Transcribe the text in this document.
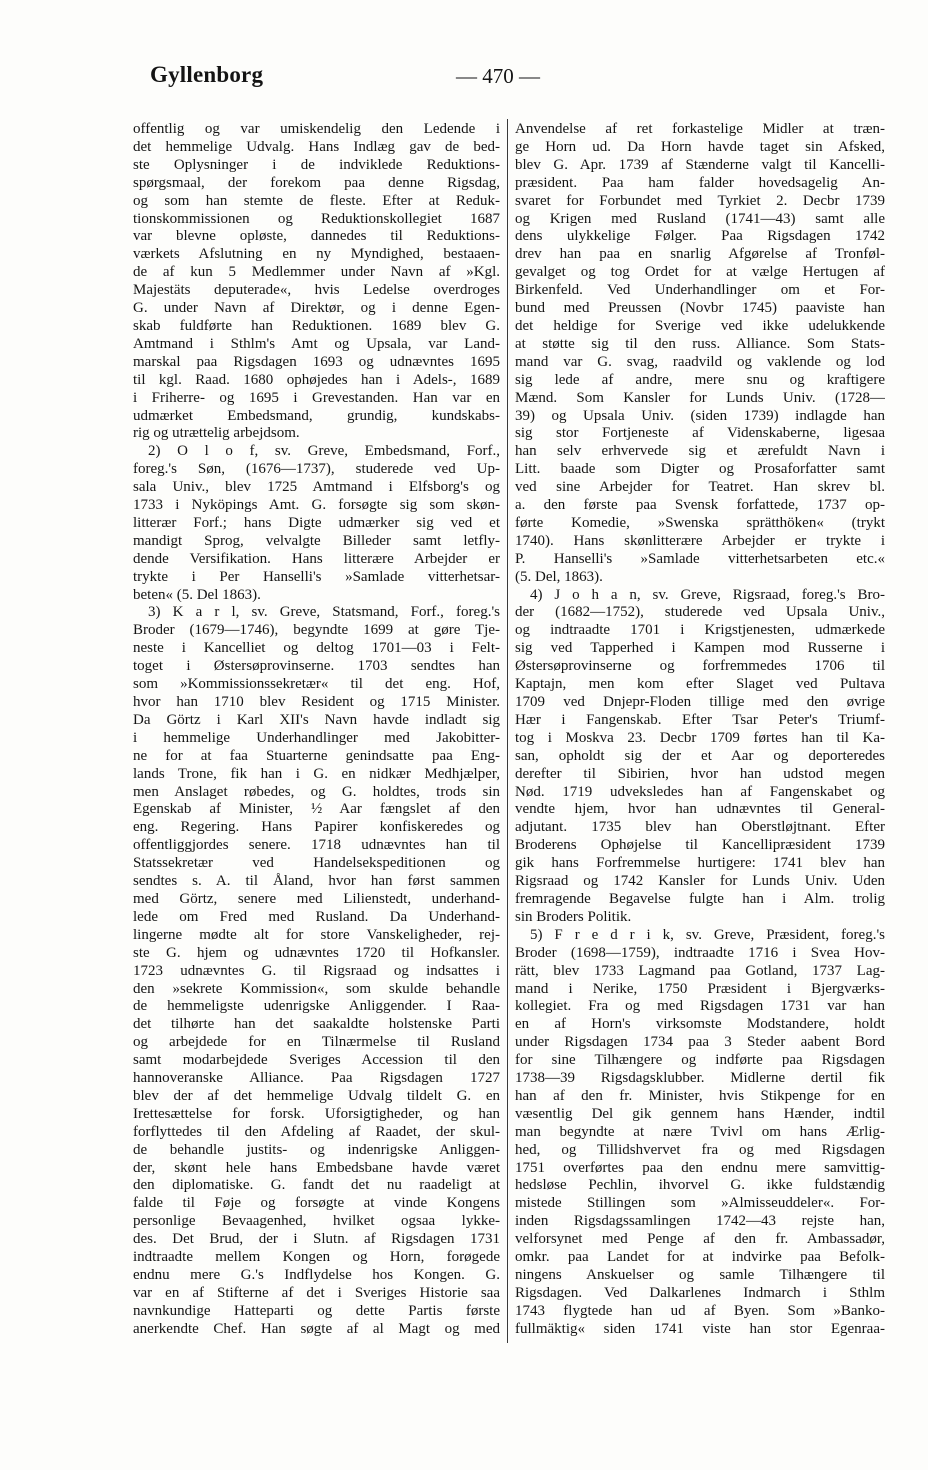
Gyllenborg	— 470 —
offentlig og var umiskendelig den Ledende i
det hemmelige Udvalg. Hans Indlæg gav de bed-
ste Oplysninger i de indviklede Reduktions-
spørgsmaal, der forekom paa denne Rigsdag,
og som han stemte de fleste. Efter at Reduk-
tionskommissionen og Reduktionskollegiet 1687
var blevne opløste, dannedes til Reduktions-
værkets Afslutning en ny Myndighed, bestaaen-
de af kun 5 Medlemmer under Navn af »Kgl.
Majestäts deputerade«, hvis Ledelse overdroges
G. under Navn af Direktør, og i denne Egen-
skab fuldførte han Reduktionen. 1689 blev G.
Amtmand i Sthlm's Amt og Upsala, var Land-
marskal paa Rigsdagen 1693 og udnævntes 1695
til kgl. Raad. 1680 ophøjedes han i Adels-, 1689
i Friherre- og 1695 i Grevestanden. Han var en
udmærket Embedsmand, grundig, kundskabs-
rig og utrættelig arbejdsom.
2) O l o f, sv. Greve, Embedsmand, Forf.,
foreg.'s Søn, (1676—1737), studerede ved Up-
sala Univ., blev 1725 Amtmand i Elfsborg's og
1733 i Nyköpings Amt. G. forsøgte sig som skøn-
litterær Forf.; hans Digte udmærker sig ved et
mandigt Sprog, velvalgte Billeder samt letfly-
dende Versifikation. Hans litterære Arbejder er
trykte i Per Hanselli's »Samlade vitterhetsar-
beten« (5. Del 1863).
3) K a r l, sv. Greve, Statsmand, Forf., foreg.'s
Broder (1679—1746), begyndte 1699 at gøre Tje-
neste i Kancelliet og deltog 1701—03 i Felt-
toget i Østersøprovinserne. 1703 sendtes han
som »Kommissionssekretær« til det eng. Hof,
hvor han 1710 blev Resident og 1715 Minister.
Da Görtz i Karl XII's Navn havde indladt sig
i hemmelige Underhandlinger med Jakobitter-
ne for at faa Stuarterne genindsatte paa Eng-
lands Trone, fik han i G. en nidkær Medhjælper,
men Anslaget røbedes, og G. holdtes, trods sin
Egenskab af Minister, ½ Aar fængslet af den
eng. Regering. Hans Papirer konfiskeredes og
offentliggjordes senere. 1718 udnævntes han til
Statssekretær ved Handelsekspeditionen og
sendtes s. A. til Åland, hvor han først sammen
med Görtz, senere med Lilienstedt, underhand-
lede om Fred med Rusland. Da Underhand-
lingerne mødte alt for store Vanskeligheder, rej-
ste G. hjem og udnævntes 1720 til Hofkansler.
1723 udnævntes G. til Rigsraad og indsattes i
den »sekrete Kommission«, som skulde behandle
de hemmeligste udenrigske Anliggender. I Raa-
det tilhørte han det saakaldte holstenske Parti
og arbejdede for en Tilnærmelse til Rusland
samt modarbejdede Sveriges Accession til den
hannoveranske Alliance. Paa Rigsdagen 1727
blev der af det hemmelige Udvalg tildelt G. en
Irettesættelse for forsk. Uforsigtigheder, og han
forflyttedes til den Afdeling af Raadet, der skul-
de behandle justits- og indenrigske Anliggen-
der, skønt hele hans Embedsbane havde været
den diplomatiske. G. fandt det nu raadeligt at
falde til Føje og forsøgte at vinde Kongens
personlige Bevaagenhed, hvilket ogsaa lykke-
des. Det Brud, der i Slutn. af Rigsdagen 1731
indtraadte mellem Kongen og Horn, forøgede
endnu mere G.'s Indflydelse hos Kongen. G.
var en af Stifterne af det i Sveriges Historie saa
navnkundige Hatteparti og dette Partis første
anerkendte Chef. Han søgte af al Magt og med
Anvendelse af ret forkastelige Midler at træn-
ge Horn ud. Da Horn havde taget sin Afsked,
blev G. Apr. 1739 af Stænderne valgt til Kancelli-
præsident. Paa ham falder hovedsagelig An-
svaret for Forbundet med Tyrkiet 2. Decbr 1739
og Krigen med Rusland (1741—43) samt alle
dens ulykkelige Følger. Paa Rigsdagen 1742
drev han paa en snarlig Afgørelse af Tronføl-
gevalget og tog Ordet for at vælge Hertugen af
Birkenfeld. Ved Underhandlinger om et For-
bund med Preussen (Novbr 1745) paaviste han
det heldige for Sverige ved ikke udelukkende
at støtte sig til den russ. Alliance. Som Stats-
mand var G. svag, raadvild og vaklende og lod
sig lede af andre, mere snu og kraftigere
Mænd. Som Kansler for Lunds Univ. (1728—
39) og Upsala Univ. (siden 1739) indlagde han
sig stor Fortjeneste af Videnskaberne, ligesaa
han selv erhvervede sig et ærefuldt Navn i
Litt. baade som Digter og Prosaforfatter samt
ved sine Arbejder for Teatret. Han skrev bl.
a. den første paa Svensk forfattede, 1737 op-
førte Komedie, »Swenska sprätthöken« (trykt
1740). Hans skønlitterære Arbejder er trykte i
P. Hanselli's »Samlade vitterhetsarbeten etc.«
(5. Del, 1863).
4) J o h a n, sv. Greve, Rigsraad, foreg.'s Bro-
der (1682—1752), studerede ved Upsala Univ.,
og indtraadte 1701 i Krigstjenesten, udmærkede
sig ved Tapperhed i Kampen mod Russerne i
Østersøprovinserne og forfremmedes 1706 til
Kaptajn, men kom efter Slaget ved Pultava
1709 ved Dnjepr-Floden tillige med den øvrige
Hær i Fangenskab. Efter Tsar Peter's Triumf-
tog i Moskva 23. Decbr 1709 førtes han til Ka-
san, opholdt sig der et Aar og deporteredes
derefter til Sibirien, hvor han udstod megen
Nød. 1719 udveksledes han af Fangenskabet og
vendte hjem, hvor han udnævntes til General-
adjutant. 1735 blev han Oberstløjtnant. Efter
Broderens Ophøjelse til Kancellipræsident 1739
gik hans Forfremmelse hurtigere: 1741 blev han
Rigsraad og 1742 Kansler for Lunds Univ. Uden
fremragende Begavelse fulgte han i Alm. trolig
sin Broders Politik.
5) F r e d r i k, sv. Greve, Præsident, foreg.'s
Broder (1698—1759), indtraadte 1716 i Svea Hov-
rätt, blev 1733 Lagmand paa Gotland, 1737 Lag-
mand i Nerike, 1750 Præsident i Bjergværks-
kollegiet. Fra og med Rigsdagen 1731 var han
en af Horn's virksomste Modstandere, holdt
under Rigsdagen 1734 paa 3 Steder aabent Bord
for sine Tilhængere og indførte paa Rigsdagen
1738—39 Rigsdagsklubber. Midlerne dertil fik
han af den fr. Minister, hvis Stikpenge for en
væsentlig Del gik gennem hans Hænder, indtil
man begyndte at nære Tvivl om hans Ærlig-
hed, og Tillidshvervet fra og med Rigsdagen
1751 overførtes paa den endnu mere samvittig-
hedsløse Pechlin, ihvorvel G. ikke fuldstændig
mistede Stillingen som »Almisseuddeler«. For-
inden Rigsdagssamlingen 1742—43 rejste han,
velforsynet med Penge af den fr. Ambassadør,
omkr. paa Landet for at indvirke paa Befolk-
ningens Anskuelser og samle Tilhængere til
Rigsdagen. Ved Dalkarlenes Indmarch i Sthlm
1743 flygtede han ud af Byen. Som »Banko-
fullmäktig« siden 1741 viste han stor Egenraa-
